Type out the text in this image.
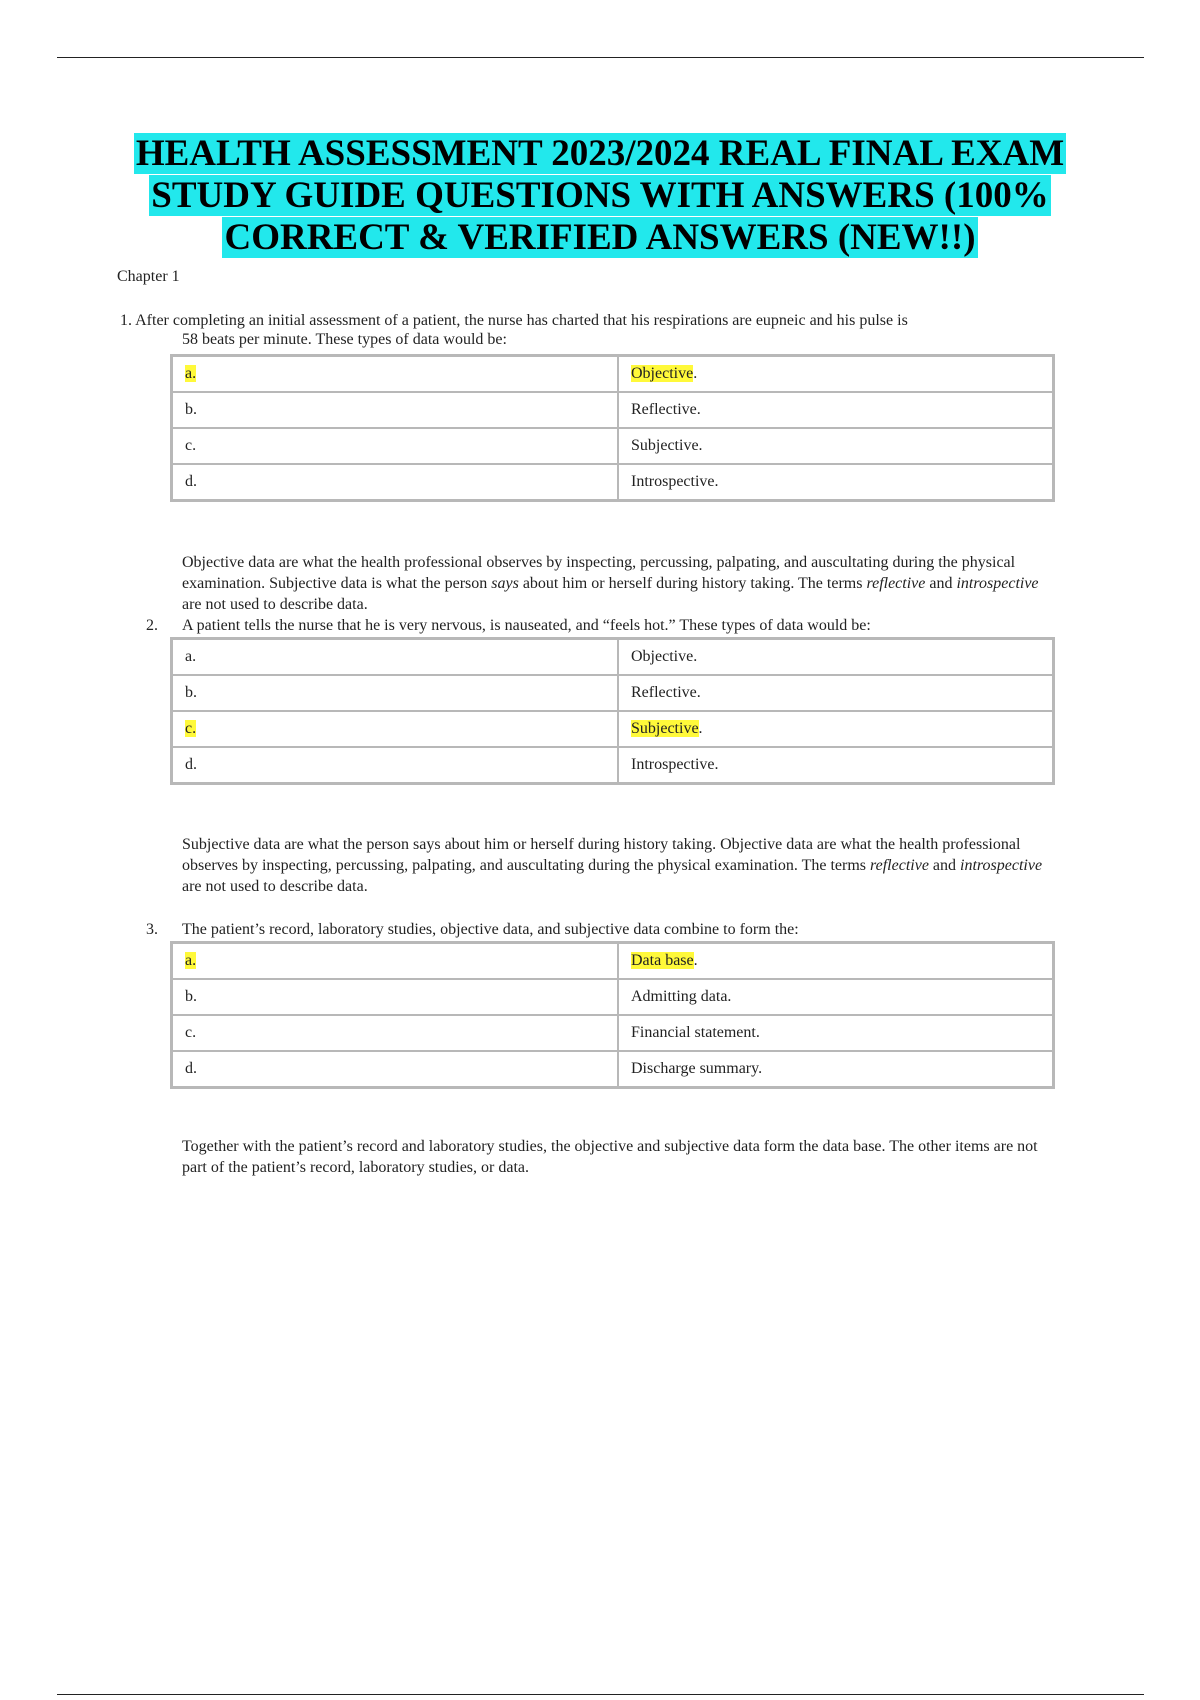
HEALTH ASSESSMENT 2023/2024 REAL FINAL EXAM
STUDY GUIDE QUESTIONS WITH ANSWERS (100%
CORRECT & VERIFIED ANSWERS (NEW!!)
Chapter 1
1. After completing an initial assessment of a patient, the nurse has charted that his respirations are eupneic and his pulse is
58 beats per minute. These types of data would be:
a.	Objective.
b.	Reflective.
c.	Subjective.
d.	Introspective.
Objective data are what the health professional observes by inspecting, percussing, palpating, and auscultating during the physical examination. Subjective data is what the person says about him or herself during history taking. The terms reflective and introspective are not used to describe data.
2. A patient tells the nurse that he is very nervous, is nauseated, and “feels hot.” These types of data would be:
a.	Objective.
b.	Reflective.
c.	Subjective.
d.	Introspective.
Subjective data are what the person says about him or herself during history taking. Objective data are what the health professional observes by inspecting, percussing, palpating, and auscultating during the physical examination. The terms reflective and introspective are not used to describe data.
3. The patient’s record, laboratory studies, objective data, and subjective data combine to form the:
a.	Data base.
b.	Admitting data.
c.	Financial statement.
d.	Discharge summary.
Together with the patient’s record and laboratory studies, the objective and subjective data form the data base. The other items are not part of the patient’s record, laboratory studies, or data.
